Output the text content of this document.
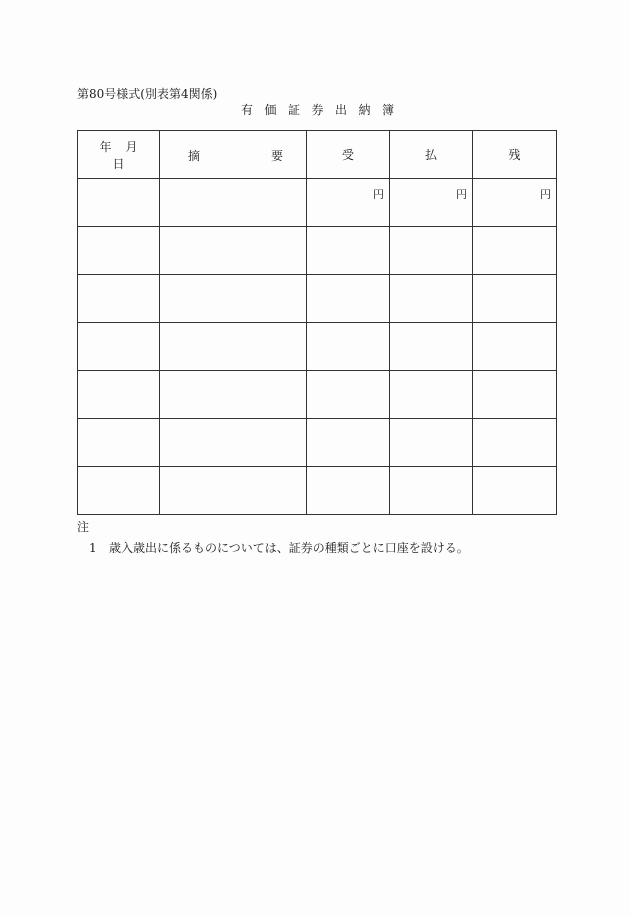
第80号様式(別表第4関係)
有価証券出納簿
年月日	摘 要	受	払	残

		円	円	円

注
1 歳入歳出に係るものについては、証券の種類ごとに口座を設ける。
